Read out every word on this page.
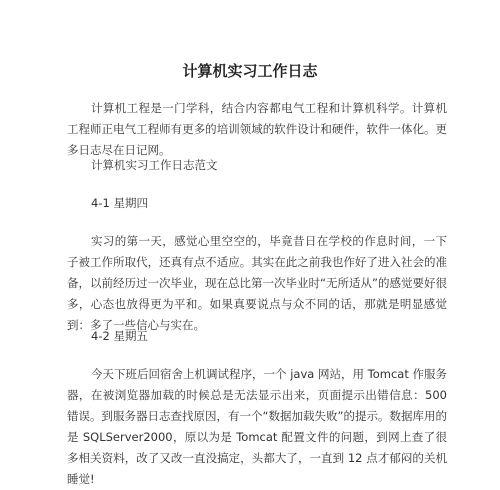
计算机实习工作日志

计算机工程是一门学科，结合内容都电气工程和计算机科学。计算机工程师正电气工程师有更多的培训领域的软件设计和硬件，软件一体化。更多日志尽在日记网。

计算机实习工作日志范文

4-1 星期四

实习的第一天，感觉心里空空的，毕竟昔日在学校的作息时间，一下子被工作所取代，还真有点不适应。其实在此之前我也作好了进入社会的准备，以前经历过一次毕业，现在总比第一次毕业时“无所适从”的感觉要好很多，心态也放得更为平和。如果真要说点与众不同的话，那就是明显感觉到：多了一些信心与实在。

4-2 星期五

今天下班后回宿舍上机调试程序，一个 java 网站，用 Tomcat 作服务器，在被浏览器加载的时候总是无法显示出来，页面提示出错信息：500 错误。到服务器日志查找原因，有一个“数据加载失败”的提示。数据库用的是 SQLServer2000，原以为是 Tomcat 配置文件的问题，到网上查了很多相关资料，改了又改一直没搞定，头都大了，一直到 12 点才郁闷的关机睡觉!
